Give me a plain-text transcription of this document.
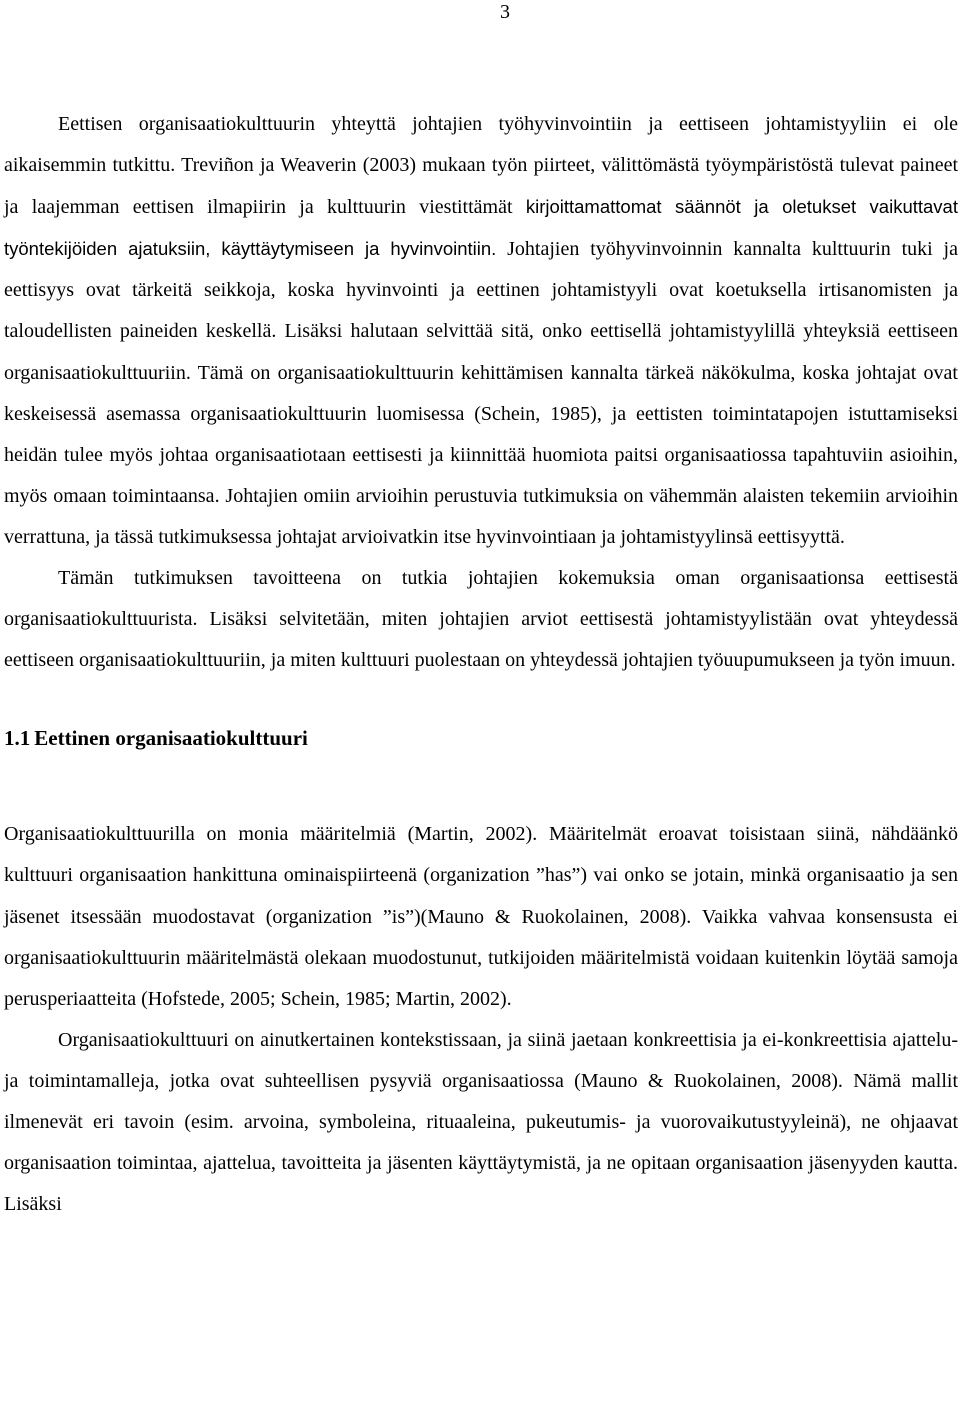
3

Eettisen organisaatiokulttuurin yhteyttä johtajien työhyvinvointiin ja eettiseen johtamistyyliin ei ole aikaisemmin tutkittu. Treviñon ja Weaverin (2003) mukaan työn piirteet, välittömästä työympäristöstä tulevat paineet ja laajemman eettisen ilmapiirin ja kulttuurin viestittämät kirjoittamattomat säännöt ja oletukset vaikuttavat työntekijöiden ajatuksiin, käyttäytymiseen ja hyvinvointiin. Johtajien työhyvinvoinnin kannalta kulttuurin tuki ja eettisyys ovat tärkeitä seikkoja, koska hyvinvointi ja eettinen johtamistyyli ovat koetuksella irtisanomisten ja taloudellisten paineiden keskellä. Lisäksi halutaan selvittää sitä, onko eettisellä johtamistyylillä yhteyksiä eettiseen organisaatiokulttuuriin. Tämä on organisaatiokulttuurin kehittämisen kannalta tärkeä näkökulma, koska johtajat ovat keskeisessä asemassa organisaatiokulttuurin luomisessa (Schein, 1985), ja eettisten toimintatapojen istuttamiseksi heidän tulee myös johtaa organisaatiotaan eettisesti ja kiinnittää huomiota paitsi organisaatiossa tapahtuviin asioihin, myös omaan toimintaansa. Johtajien omiin arvioihin perustuvia tutkimuksia on vähemmän alaisten tekemiin arvioihin verrattuna, ja tässä tutkimuksessa johtajat arvioivatkin itse hyvinvointiaan ja johtamistyylinsä eettisyyttä.

Tämän tutkimuksen tavoitteena on tutkia johtajien kokemuksia oman organisaationsa eettisestä organisaatiokulttuurista. Lisäksi selvitetään, miten johtajien arviot eettisestä johtamistyylistään ovat yhteydessä eettiseen organisaatiokulttuuriin, ja miten kulttuuri puolestaan on yhteydessä johtajien työuupumukseen ja työn imuun.

1.1 Eettinen organisaatiokulttuuri

Organisaatiokulttuurilla on monia määritelmiä (Martin, 2002). Määritelmät eroavat toisistaan siinä, nähdäänkö kulttuuri organisaation hankittuna ominaispiirteenä (organization ”has”) vai onko se jotain, minkä organisaatio ja sen jäsenet itsessään muodostavat (organization ”is”)(Mauno & Ruokolainen, 2008). Vaikka vahvaa konsensusta ei organisaatiokulttuurin määritelmästä olekaan muodostunut, tutkijoiden määritelmistä voidaan kuitenkin löytää samoja perusperiaatteita (Hofstede, 2005; Schein, 1985; Martin, 2002).

Organisaatiokulttuuri on ainutkertainen kontekstissaan, ja siinä jaetaan konkreettisia ja ei-konkreettisia ajattelu- ja toimintamalleja, jotka ovat suhteellisen pysyviä organisaatiossa (Mauno & Ruokolainen, 2008). Nämä mallit ilmenevät eri tavoin (esim. arvoina, symboleina, rituaaleina, pukeutumis- ja vuorovaikutustyyleinä), ne ohjaavat organisaation toimintaa, ajattelua, tavoitteita ja jäsenten käyttäytymistä, ja ne opitaan organisaation jäsenyyden kautta. Lisäksi
